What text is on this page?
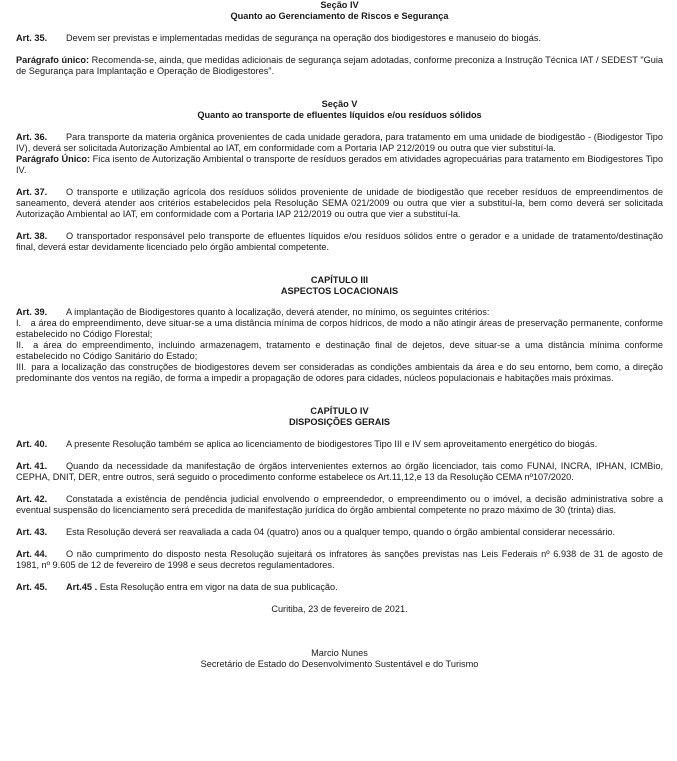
Seção IV
Quanto ao Gerenciamento de Riscos e Segurança

Art. 35. Devem ser previstas e implementadas medidas de segurança na operação dos biodigestores e manuseio do biogás.

Parágrafo único: Recomenda-se, ainda, que medidas adicionais de segurança sejam adotadas, conforme preconiza a Instrução Técnica IAT / SEDEST "Guia de Segurança para Implantação e Operação de Biodigestores".

Seção V
Quanto ao transporte de efluentes líquidos e/ou resíduos sólidos

Art. 36. Para transporte da materia orgânica provenientes de cada unidade geradora, para tratamento em uma unidade de biodigestão - (Biodigestor Tipo IV), deverá ser solicitada Autorização Ambiental ao IAT, em conformidade com a Portaria IAP 212/2019 ou outra que vier substituí-la.

Parágrafo Único: Fica isento de Autorização Ambiental o transporte de resíduos gerados em atividades agropecuárias para tratamento em Biodigestores Tipo IV.

Art. 37. O transporte e utilização agrícola dos resíduos sólidos proveniente de unidade de biodigestão que receber resíduos de empreendimentos de saneamento, deverá atender aos critérios estabelecidos pela Resolução SEMA 021/2009 ou outra que vier a substituí-la, bem como deverá ser solicitada Autorização Ambiental ao IAT, em conformidade com a Portaria IAP 212/2019 ou outra que vier a substituí-la.

Art. 38. O transportador responsável pelo transporte de efluentes líquidos e/ou resíduos sólidos entre o gerador e a unidade de tratamento/destinação final, deverá estar devidamente licenciado pelo órgão ambiental competente.

CAPÍTULO III
ASPECTOS LOCACIONAIS

Art. 39. A implantação de Biodigestores quanto à localização, deverá atender, no mínimo, os seguintes critérios:

I. a área do empreendimento, deve situar-se a uma distância mínima de corpos hídricos, de modo a não atingir áreas de preservação permanente, conforme estabelecido no Código Florestal;

II. a área do empreendimento, incluindo armazenagem, tratamento e destinação final de dejetos, deve situar-se a uma distância mínima conforme estabelecido no Código Sanitário do Estado;

III. para a localização das construções de biodigestores devem ser consideradas as condições ambientais da área e do seu entorno, bem como, a direção predominante dos ventos na região, de forma a impedir a propagação de odores para cidades, núcleos populacionais e habitações mais próximas.

CAPÍTULO IV
DISPOSIÇÕES GERAIS

Art. 40. A presente Resolução também se aplica ao licenciamento de biodigestores Tipo III e IV sem aproveitamento energético do biogás.

Art. 41. Quando da necessidade da manifestação de órgãos intervenientes externos ao órgão licenciador, tais como FUNAI, INCRA, IPHAN, ICMBio, CEPHA, DNIT, DER, entre outros, será seguido o procedimento conforme estabelece os Art.11,12,e 13 da Resolução CEMA nº107/2020.

Art. 42. Constatada a existência de pendência judicial envolvendo o empreendedor, o empreendimento ou o imóvel, a decisão administrativa sobre a eventual suspensão do licenciamento será precedida de manifestação jurídica do órgão ambiental competente no prazo máximo de 30 (trinta) dias.

Art. 43. Esta Resolução deverá ser reavaliada a cada 04 (quatro) anos ou a qualquer tempo, quando o órgão ambiental considerar necessário.

Art. 44. O não cumprimento do disposto nesta Resolução sujeitará os infratores às sanções previstas nas Leis Federais nº 6.938 de 31 de agosto de 1981, nº 9.605 de 12 de fevereiro de 1998 e seus decretos regulamentadores.

Art. 45. Art.45 . Esta Resolução entra em vigor na data de sua publicação.

Curitiba, 23 de fevereiro de 2021.

Marcio Nunes

Secretário de Estado do Desenvolvimento Sustentável e do Turismo
